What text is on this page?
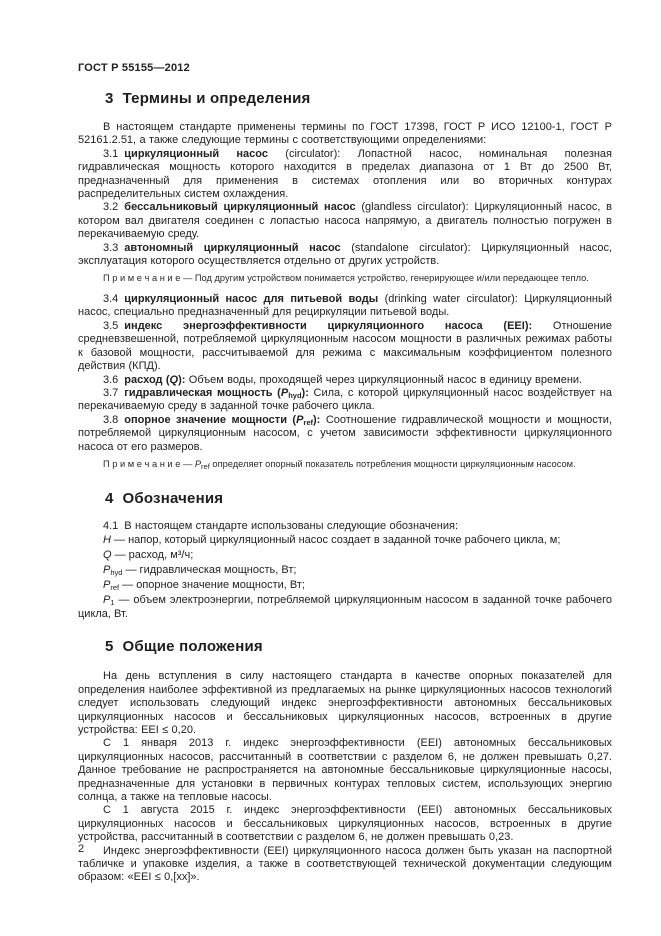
ГОСТ Р 55155—2012
3 Термины и определения

В настоящем стандарте применены термины по ГОСТ 17398, ГОСТ Р ИСО 12100-1, ГОСТ Р 52161.2.51, а также следующие термины с соответствующими определениями:

3.1 циркуляционный насос (circulator): Лопастной насос, номинальная полезная гидравлическая мощность которого находится в пределах диапазона от 1 Вт до 2500 Вт, предназначенный для применения в системах отопления или во вторичных контурах распределительных систем охлаждения.

3.2 бессальниковый циркуляционный насос (glandless circulator): Циркуляционный насос, в котором вал двигателя соединен с лопастью насоса напрямую, а двигатель полностью погружен в перекачиваемую среду.

3.3 автономный циркуляционный насос (standalone circulator): Циркуляционный насос, эксплуатация которого осуществляется отдельно от других устройств.

П р и м е ч а н и е — Под другим устройством понимается устройство, генерирующее и/или передающее тепло.

3.4 циркуляционный насос для питьевой воды (drinking water circulator): Циркуляционный насос, специально предназначенный для рециркуляции питьевой воды.

3.5 индекс энергоэффективности циркуляционного насоса (EEI): Отношение средневзвешенной, потребляемой циркуляционным насосом мощности в различных режимах работы к базовой мощности, рассчитываемой для режима с максимальным коэффициентом полезного действия (КПД).

3.6 расход (Q): Объем воды, проходящей через циркуляционный насос в единицу времени.

3.7 гидравлическая мощность $(P_{hyd})$: Сила, с которой циркуляционный насос воздействует на перекачиваемую среду в заданной точке рабочего цикла.

3.8 опорное значение мощности $(P_{ref})$: Соотношение гидравлической мощности и мощности, потребляемой циркуляционным насосом, с учетом зависимости эффективности циркуляционного насоса от его размеров.

П р и м е ч а н и е — $P_{ref}$ определяет опорный показатель потребления мощности циркуляционным насосом.

4 Обозначения

4.1 В настоящем стандарте использованы следующие обозначения:

H — напор, который циркуляционный насос создает в заданной точке рабочего цикла, м;

Q — расход, м³/ч;

$P_{hyd}$ — гидравлическая мощность, Вт;

$P_{ref}$ — опорное значение мощности, Вт;

$P_1$ — объем электроэнергии, потребляемой циркуляционным насосом в заданной точке рабочего цикла, Вт.

5 Общие положения

На день вступления в силу настоящего стандарта в качестве опорных показателей для определения наиболее эффективной из предлагаемых на рынке циркуляционных насосов технологий следует использовать следующий индекс энергоэффективности автономных бессальниковых циркуляционных насосов и бессальниковых циркуляционных насосов, встроенных в другие устройства: EEI ≤ 0,20.

С 1 января 2013 г. индекс энергоэффективности (EEI) автономных бессальниковых циркуляционных насосов, рассчитанный в соответствии с разделом 6, не должен превышать 0,27. Данное требование не распространяется на автономные бессальниковые циркуляционные насосы, предназначенные для установки в первичных контурах тепловых систем, использующих энергию солнца, а также на тепловые насосы.

С 1 августа 2015 г. индекс энергоэффективности (EEI) автономных бессальниковых циркуляционных насосов и бессальниковых циркуляционных насосов, встроенных в другие устройства, рассчитанный в соответствии с разделом 6, не должен превышать 0,23.

Индекс энергоэффективности (EEI) циркуляционного насоса должен быть указан на паспортной табличке и упаковке изделия, а также в соответствующей технической документации следующим образом: «EEI ≤ 0,[xx]».

2
